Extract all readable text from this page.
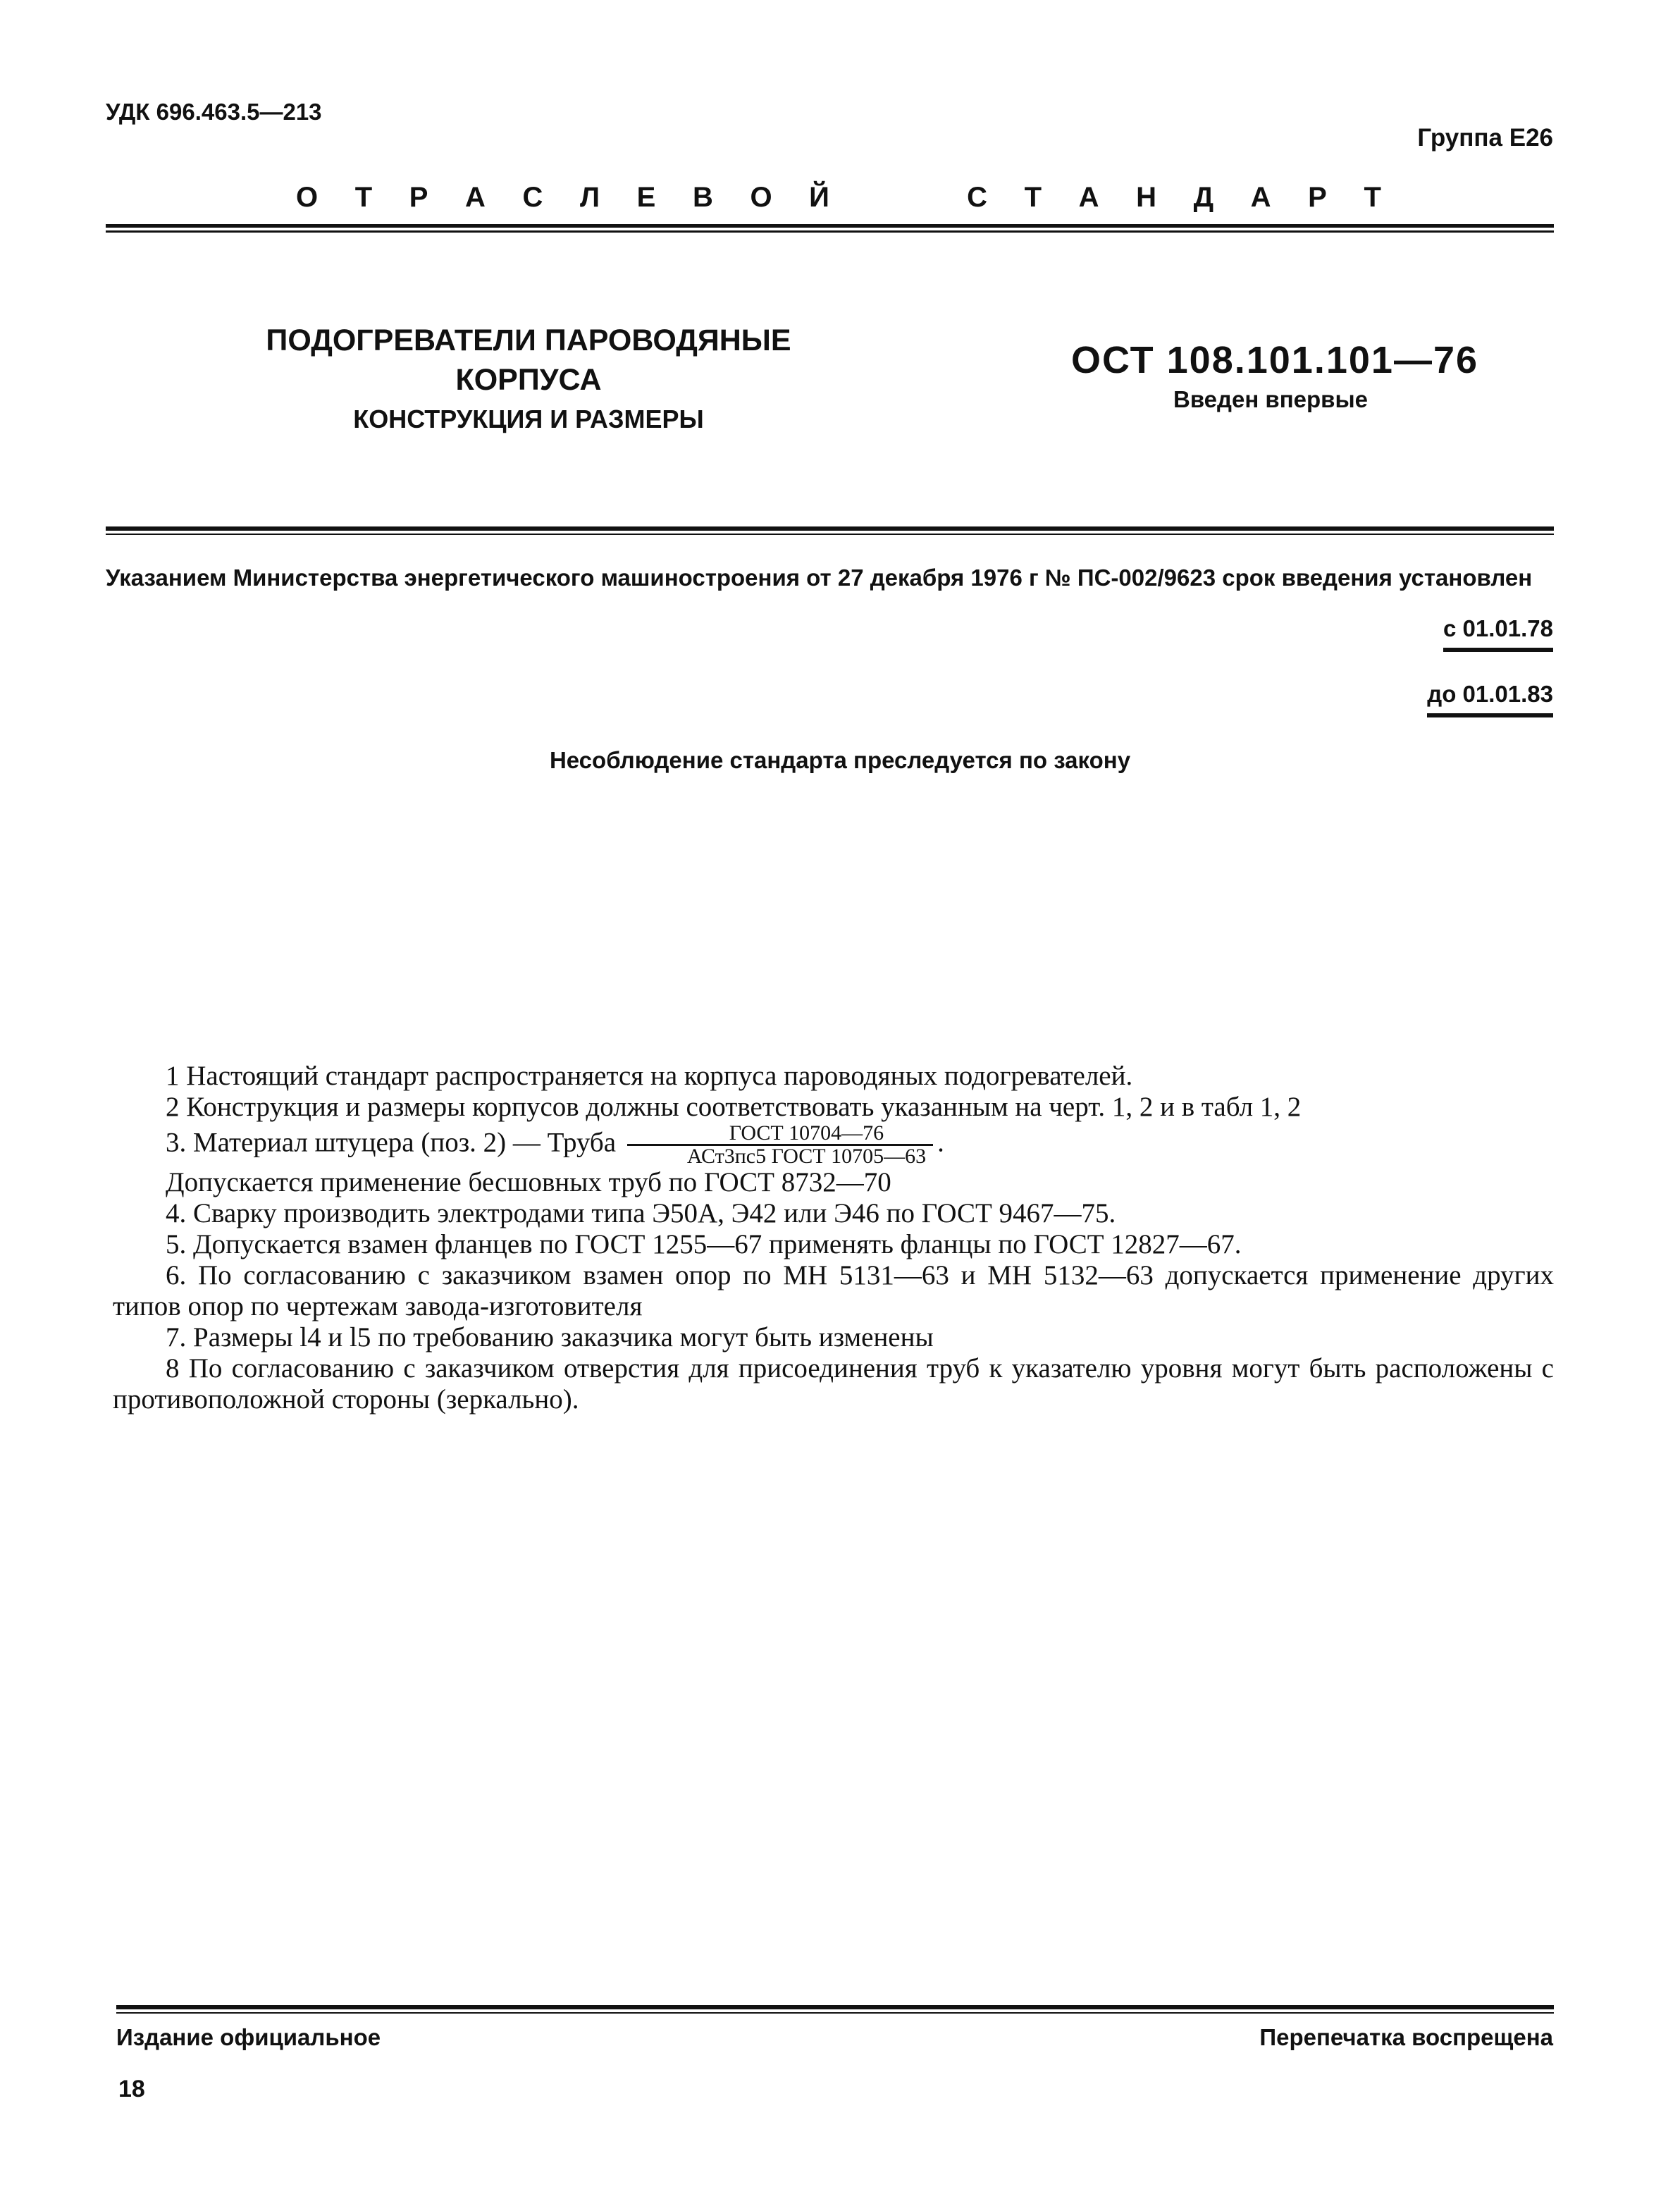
УДК 696.463.5—213
Группа Е26
О Т Р А С Л Е В О Й	С Т А Н Д А Р Т
ПОДОГРЕВАТЕЛИ ПАРОВОДЯНЫЕ
КОРПУСА
КОНСТРУКЦИЯ И РАЗМЕРЫ
ОСТ 108.101.101—76
Введен впервые
Указанием Министерства энергетического машиностроения от 27 декабря 1976 г № ПС-002/9623 срок введения установлен
с 01.01.78
до 01.01.83
Несоблюдение стандарта преследуется по закону

1 Настоящий стандарт распространяется на корпуса пароводяных подогревателей.

2 Конструкция и размеры корпусов должны соответствовать указанным на черт. 1, 2 и в табл 1, 2

3. Материал штуцера (поз. 2) — Труба $\frac{\text{ГОСТ 10704—76}}{\text{АСт3пс5 ГОСТ 10705—63}}$ .

Допускается применение бесшовных труб по ГОСТ 8732—70

4. Сварку производить электродами типа Э50А, Э42 или Э46 по ГОСТ 9467—75.

5. Допускается взамен фланцев по ГОСТ 1255—67 применять фланцы по ГОСТ 12827—67.

6. По согласованию с заказчиком взамен опор по МН 5131—63 и МН 5132—63 допускается применение других типов опор по чертежам завода-изготовителя

7. Размеры l4 и l5 по требованию заказчика могут быть изменены

8 По согласованию с заказчиком отверстия для присоединения труб к указателю уровня могут быть расположены с противоположной стороны (зеркально).

Издание официальное	Перепечатка воспрещена
18
